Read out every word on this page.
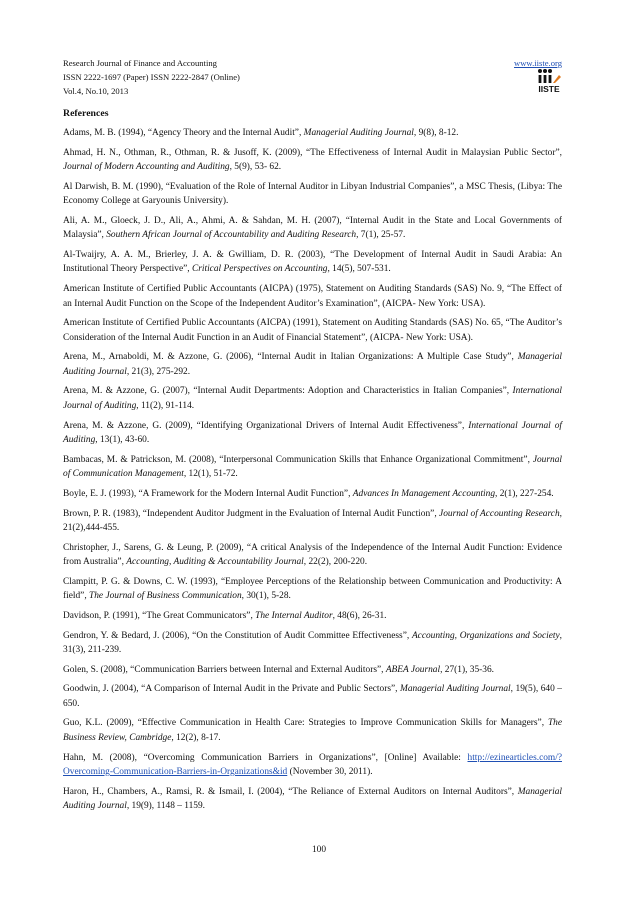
Research Journal of Finance and Accounting
ISSN 2222-1697 (Paper) ISSN 2222-2847 (Online)
Vol.4, No.10, 2013
www.iiste.org
IISTE
References
Adams, M. B. (1994), “Agency Theory and the Internal Audit”, Managerial Auditing Journal, 9(8), 8-12.
Ahmad, H. N., Othman, R., Othman, R. & Jusoff, K. (2009), “The Effectiveness of Internal Audit in Malaysian Public Sector”, Journal of Modern Accounting and Auditing, 5(9), 53- 62.
Al Darwish, B. M. (1990), “Evaluation of the Role of Internal Auditor in Libyan Industrial Companies”, a MSC Thesis, (Libya: The Economy College at Garyounis University).
Ali, A. M., Gloeck, J. D., Ali, A., Ahmi, A. & Sahdan, M. H. (2007), “Internal Audit in the State and Local Governments of Malaysia”, Southern African Journal of Accountability and Auditing Research, 7(1), 25-57.
Al-Twaijry, A. A. M., Brierley, J. A. & Gwilliam, D. R. (2003), “The Development of Internal Audit in Saudi Arabia: An Institutional Theory Perspective”, Critical Perspectives on Accounting, 14(5), 507-531.
American Institute of Certified Public Accountants (AICPA) (1975), Statement on Auditing Standards (SAS) No. 9, “The Effect of an Internal Audit Function on the Scope of the Independent Auditor’s Examination”, (AICPA- New York: USA).
American Institute of Certified Public Accountants (AICPA) (1991), Statement on Auditing Standards (SAS) No. 65, “The Auditor’s Consideration of the Internal Audit Function in an Audit of Financial Statement”, (AICPA- New York: USA).
Arena, M., Arnaboldi, M. & Azzone, G. (2006), “Internal Audit in Italian Organizations: A Multiple Case Study”, Managerial Auditing Journal, 21(3), 275-292.
Arena, M. & Azzone, G. (2007), “Internal Audit Departments: Adoption and Characteristics in Italian Companies”, International Journal of Auditing, 11(2), 91-114.
Arena, M. & Azzone, G. (2009), “Identifying Organizational Drivers of Internal Audit Effectiveness”, International Journal of Auditing, 13(1), 43-60.
Bambacas, M. & Patrickson, M. (2008), “Interpersonal Communication Skills that Enhance Organizational Commitment”, Journal of Communication Management, 12(1), 51-72.
Boyle, E. J. (1993), “A Framework for the Modern Internal Audit Function”, Advances In Management Accounting, 2(1), 227-254.
Brown, P. R. (1983), “Independent Auditor Judgment in the Evaluation of Internal Audit Function”, Journal of Accounting Research, 21(2),444-455.
Christopher, J., Sarens, G. & Leung, P. (2009), “A critical Analysis of the Independence of the Internal Audit Function: Evidence from Australia”, Accounting, Auditing & Accountability Journal, 22(2), 200-220.
Clampitt, P. G. & Downs, C. W. (1993), “Employee Perceptions of the Relationship between Communication and Productivity: A field”, The Journal of Business Communication, 30(1), 5-28.
Davidson, P. (1991), “The Great Communicators”, The Internal Auditor, 48(6), 26-31.
Gendron, Y. & Bedard, J. (2006), “On the Constitution of Audit Committee Effectiveness”, Accounting, Organizations and Society, 31(3), 211-239.
Golen, S. (2008), “Communication Barriers between Internal and External Auditors”, ABEA Journal, 27(1), 35-36.
Goodwin, J. (2004), “A Comparison of Internal Audit in the Private and Public Sectors”, Managerial Auditing Journal, 19(5), 640 – 650.
Guo, K.L. (2009), “Effective Communication in Health Care: Strategies to Improve Communication Skills for Managers”, The Business Review, Cambridge, 12(2), 8-17.
Hahn, M. (2008), “Overcoming Communication Barriers in Organizations”, [Online] Available: http://ezinearticles.com/?Overcoming-Communication-Barriers-in-Organizations&id (November 30, 2011).
Haron, H., Chambers, A., Ramsi, R. & Ismail, I. (2004), “The Reliance of External Auditors on Internal Auditors”, Managerial Auditing Journal, 19(9), 1148 – 1159.
100
